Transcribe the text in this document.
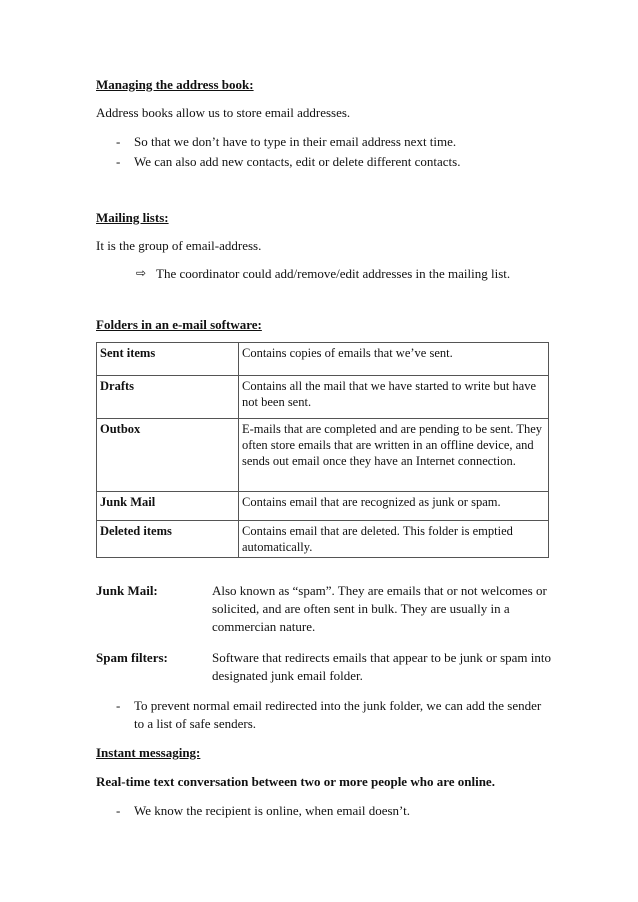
Managing the address book:

Address books allow us to store email addresses.

- So that we don’t have to type in their email address next time.
- We can also add new contacts, edit or delete different contacts.

Mailing lists:

It is the group of email-address.

⇨ The coordinator could add/remove/edit addresses in the mailing list.

Folders in an e-mail software:

Sent items	Contains copies of emails that we’ve sent.
Drafts	Contains all the mail that we have started to write but have not been sent.
Outbox	E-mails that are completed and are pending to be sent. They often store emails that are written in an offline device, and sends out email once they have an Internet connection.
Junk Mail	Contains email that are recognized as junk or spam.
Deleted items	Contains email that are deleted. This folder is emptied automatically.
Junk Mail:	Also known as “spam”. They are emails that or not welcomes or solicited, and are often sent in bulk. They are usually in a commercian nature.
Spam filters:	Software that redirects emails that appear to be junk or spam into designated junk email folder.
- To prevent normal email redirected into the junk folder, we can add the sender to a list of safe senders.

Instant messaging:

Real-time text conversation between two or more people who are online.

- We know the recipient is online, when email doesn’t.
